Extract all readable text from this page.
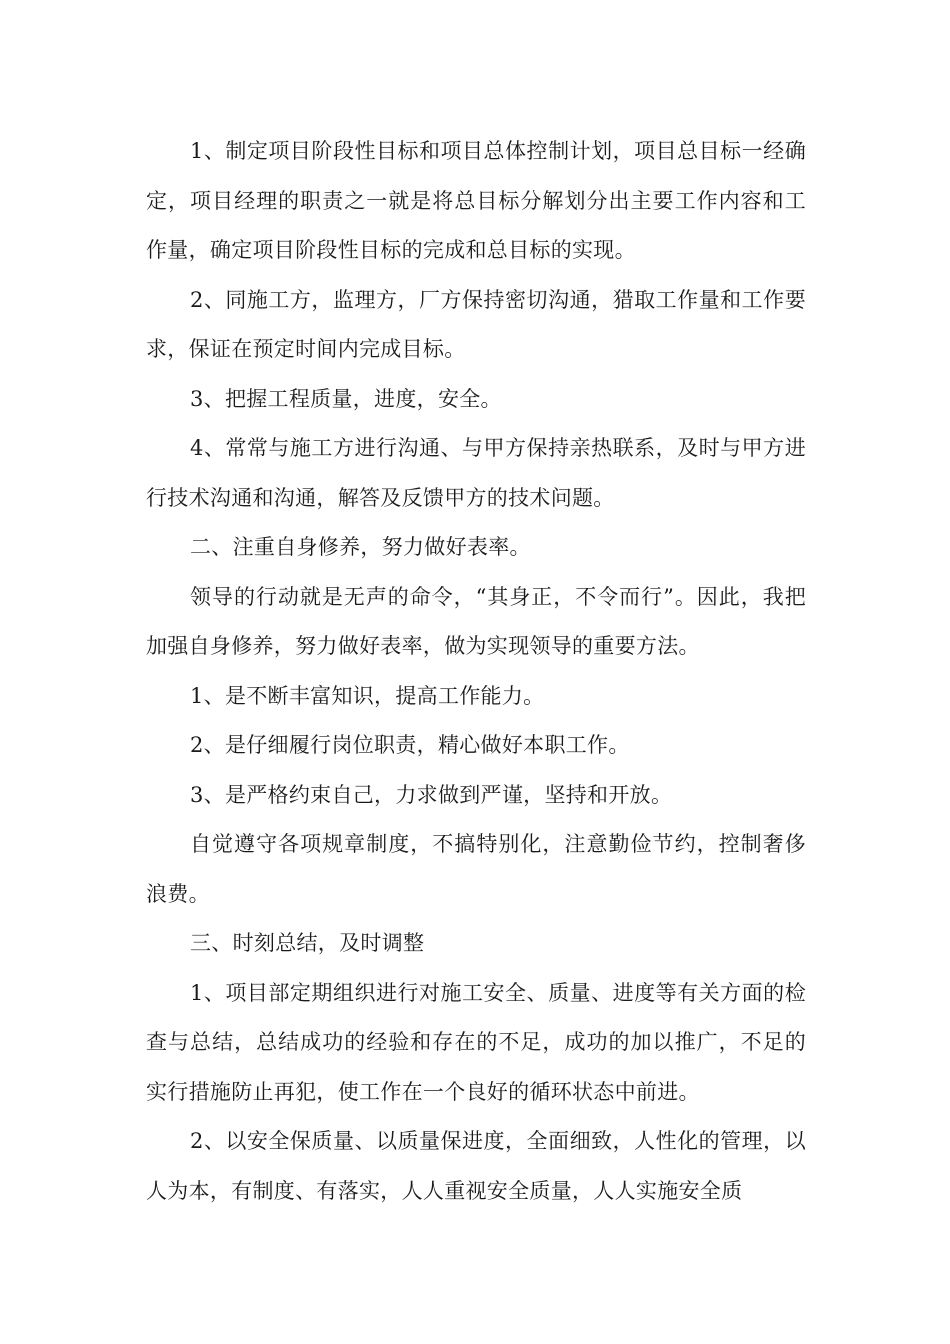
1、制定项目阶段性目标和项目总体控制计划，项目总目标一经确定，项目经理的职责之一就是将总目标分解划分出主要工作内容和工作量，确定项目阶段性目标的完成和总目标的实现。

2、同施工方，监理方，厂方保持密切沟通，猎取工作量和工作要求，保证在预定时间内完成目标。

3、把握工程质量，进度，安全。

4、常常与施工方进行沟通、与甲方保持亲热联系，及时与甲方进行技术沟通和沟通，解答及反馈甲方的技术问题。

二、注重自身修养，努力做好表率。

领导的行动就是无声的命令，“其身正，不令而行”。因此，我把加强自身修养，努力做好表率，做为实现领导的重要方法。

1、是不断丰富知识，提高工作能力。

2、是仔细履行岗位职责，精心做好本职工作。

3、是严格约束自己，力求做到严谨，坚持和开放。

自觉遵守各项规章制度，不搞特别化，注意勤俭节约，控制奢侈浪费。

三、时刻总结，及时调整

1、项目部定期组织进行对施工安全、质量、进度等有关方面的检查与总结，总结成功的经验和存在的不足，成功的加以推广，不足的实行措施防止再犯，使工作在一个良好的循环状态中前进。

2、以安全保质量、以质量保进度，全面细致，人性化的管理，以人为本，有制度、有落实，人人重视安全质量，人人实施安全质
